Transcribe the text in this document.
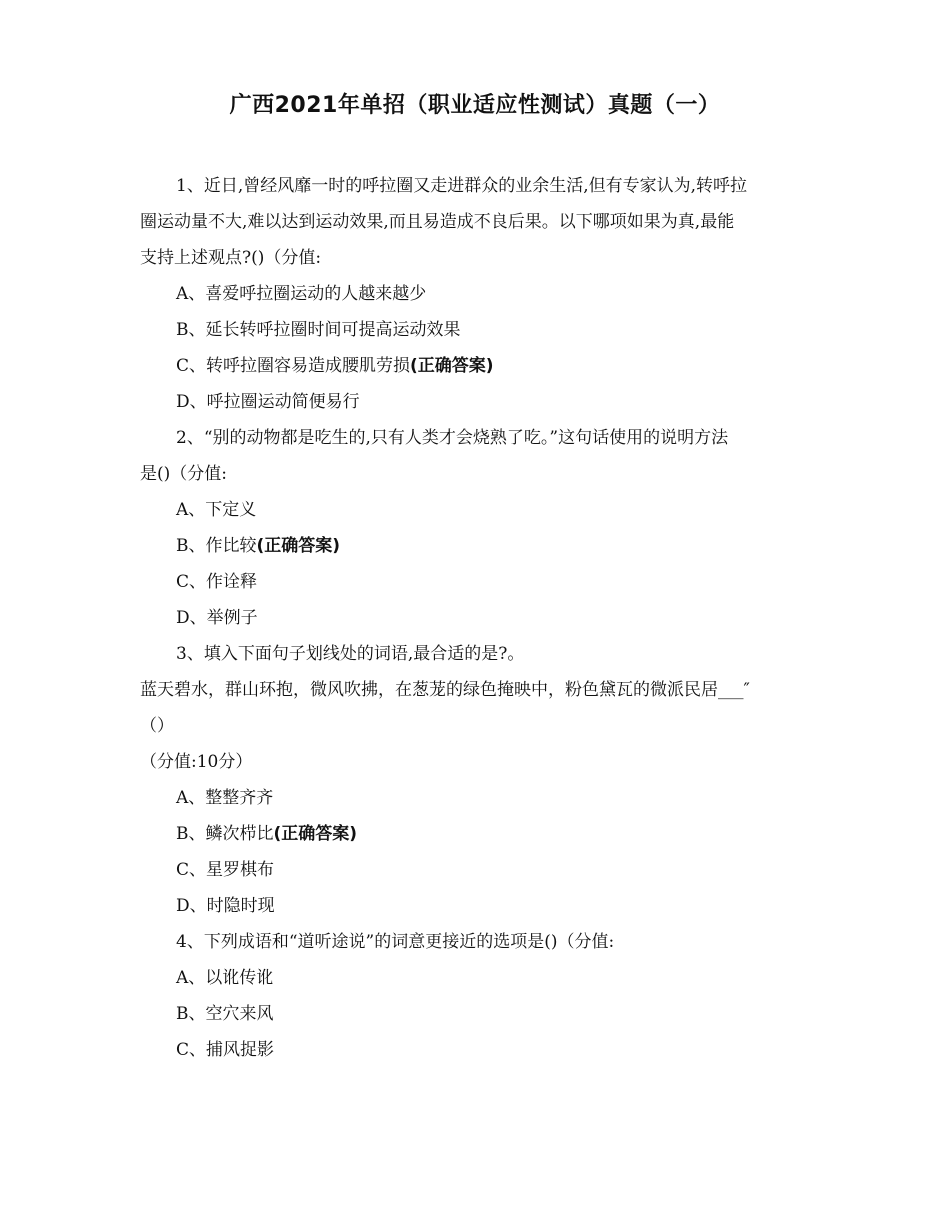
广西2021年单招（职业适应性测试）真题（一）
1、近日,曾经风靡一时的呼拉圈又走进群众的业余生活,但有专家认为,转呼拉
圈运动量不大,难以达到运动效果,而且易造成不良后果。以下哪项如果为真,最能
支持上述观点?()（分值:
A、喜爱呼拉圈运动的人越来越少
B、延长转呼拉圈时间可提高运动效果
C、转呼拉圈容易造成腰肌劳损(正确答案)
D、呼拉圈运动简便易行
2、“别的动物都是吃生的,只有人类才会烧熟了吃。”这句话使用的说明方法
是()（分值:
A、下定义
B、作比较(正确答案)
C、作诠释
D、举例子
3、填入下面句子划线处的词语,最合适的是?。
蓝天碧水，群山环抱，微风吹拂，在葱茏的绿色掩映中，粉色黛瓦的微派民居___″
（）
（分值:10分）
A、整整齐齐
B、鳞次栉比(正确答案)
C、星罗棋布
D、时隐时现
4、下列成语和“道听途说”的词意更接近的选项是()（分值:
A、以讹传讹
B、空穴来风
C、捕风捉影
